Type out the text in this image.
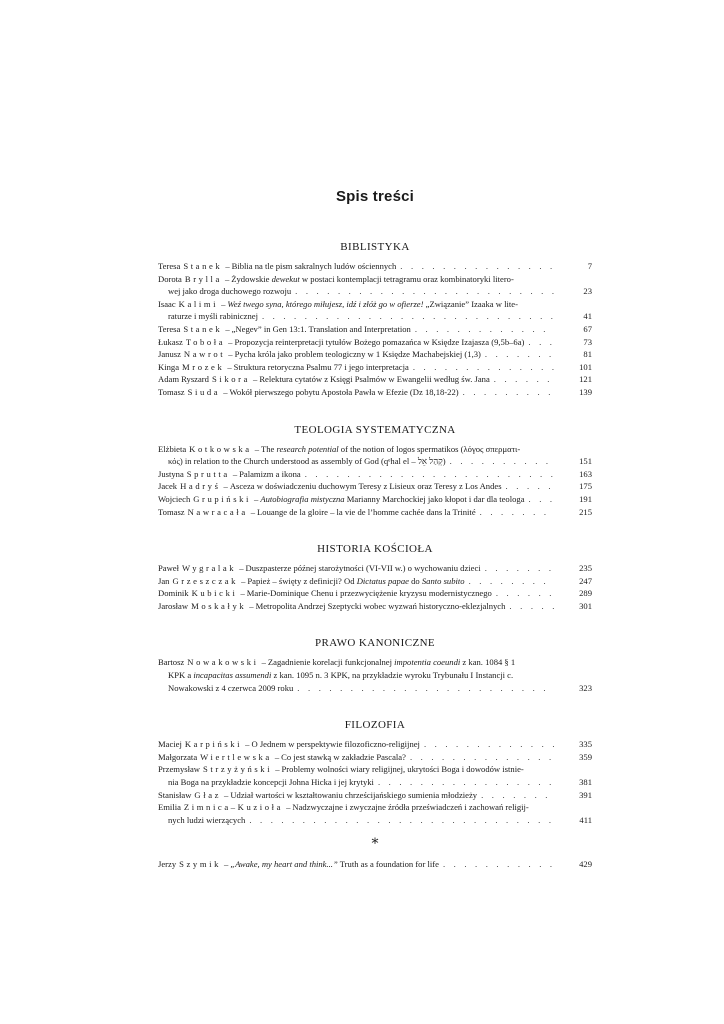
Spis treści
BIBLISTYKA
Teresa Stanek – Biblia na tle pism sakralnych ludów ościennych . . .	7
Dorota Brylla – Żydowskie dewekut w postaci kontemplacji tetragramu oraz kombinatoryki litero-
wej jako droga duchowego rozwoju . . .	23
Isaac Kalimi – Weź twego syna, którego miłujesz, idź i złóż go w ofierze! „Związanie” Izaaka w lite-
raturze i myśli rabinicznej . . .	41
Teresa Stanek – „Negev” in Gen 13:1. Translation and Interpretation . . .	67
Łukasz Toboła – Propozycja reinterpretacji tytułów Bożego pomazańca w Księdze Izajasza (9,5b–6a) . . .	73
Janusz Nawrot – Pycha króla jako problem teologiczny w 1 Księdze Machabejskiej (1,3) . . .	81
Kinga Mrozek – Struktura retoryczna Psalmu 77 i jego interpretacja . . .	101
Adam Ryszard Sikora – Relektura cytatów z Księgi Psalmów w Ewangelii według św. Jana . . .	121
Tomasz Siuda – Wokół pierwszego pobytu Apostoła Pawła w Efezie (Dz 18,18-22) . . .	139
TEOLOGIA SYSTEMATYCZNA
Elżbieta Kotkowska – The research potential of the notion of logos spermatikos (λόγος σπερματι-
κός) in relation to the Church understood as assembly of God (qᵉhal el – קְהַל אֵל) . . .	151
Justyna Sprutta – Palamizm a ikona . . .	163
Jacek Hadryś – Asceza w doświadczeniu duchowym Teresy z Lisieux oraz Teresy z Los Andes . . .	175
Wojciech Grupiński – Autobiografia mistyczna Marianny Marchockiej jako kłopot i dar dla teologa . . .	191
Tomasz Nawracała – Louange de la gloire – la vie de l’homme cachée dans la Trinité . . .	215
HISTORIA KOŚCIOŁA
Paweł Wygralak – Duszpasterze późnej starożytności (VI-VII w.) o wychowaniu dzieci . . .	235
Jan Grzeszczak – Papież – święty z definicji? Od Dictatus papae do Santo subito . . .	247
Dominik Kubicki – Marie-Dominique Chenu i przezwyciężenie kryzysu modernistycznego . . .	289
Jarosław Moskałyk – Metropolita Andrzej Szeptycki wobec wyzwań historyczno-eklezjalnych . . .	301
PRAWO KANONICZNE
Bartosz Nowakowski – Zagadnienie korelacji funkcjonalnej impotentia coeundi z kan. 1084 § 1
KPK a incapacitas assumendi z kan. 1095 n. 3 KPK, na przykładzie wyroku Trybunału I Instancji c.
Nowakowski z 4 czerwca 2009 roku . . .	323
FILOZOFIA
Maciej Karpiński – O Jednem w perspektywie filozoficzno-religijnej . . .	335
Małgorzata Wiertlewska – Co jest stawką w zakładzie Pascala? . . .	359
Przemysław Strzyżyński – Problemy wolności wiary religijnej, ukrytości Boga i dowodów istnie-
nia Boga na przykładzie koncepcji Johna Hicka i jej krytyki . . .	381
Stanisław Głaz – Udział wartości w kształtowaniu chrześcijańskiego sumienia młodzieży . . .	391
Emilia Zimnica–Kuzioła – Nadzwyczajne i zwyczajne źródła przeświadczeń i zachowań religij-
nych ludzi wierzących . . .	411
*
Jerzy Szymik – „Awake, my heart and think...” Truth as a foundation for life . . .	429
